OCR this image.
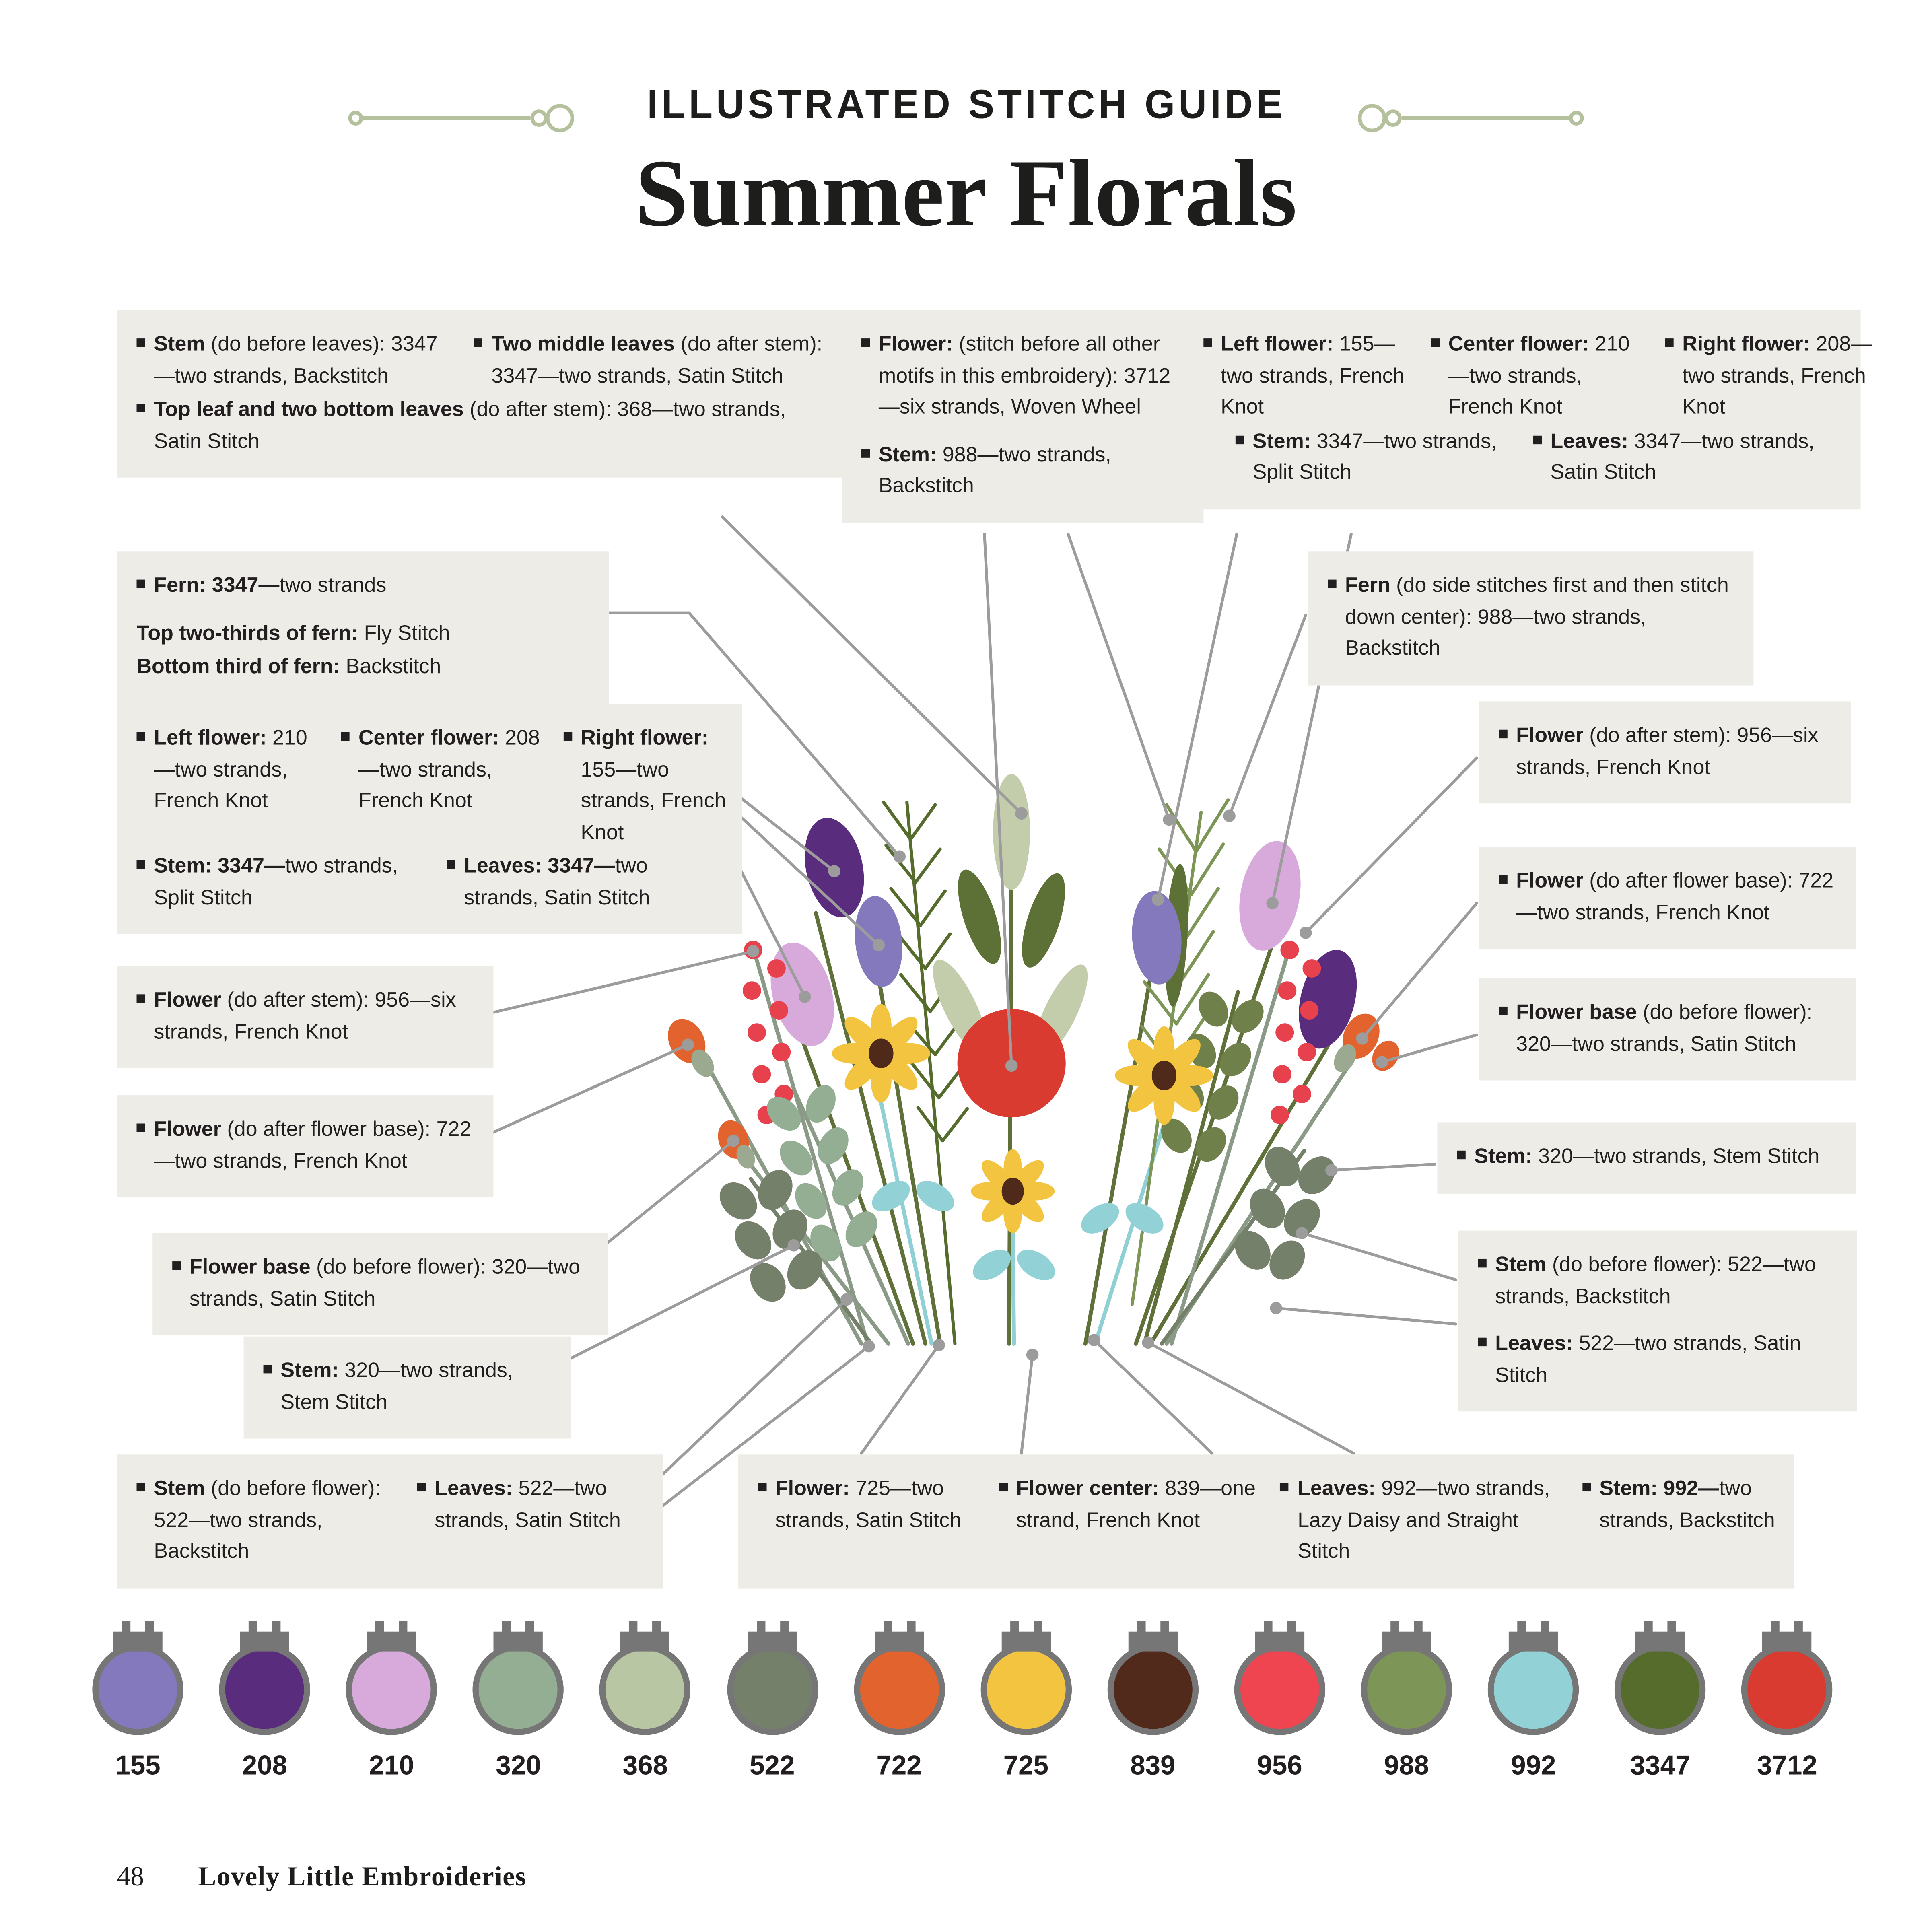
ILLUSTRATED STITCH GUIDE
Summer Florals
Stem (do before leaves): 3347—two strands, Backstitch
Two middle leaves (do after stem): 3347—two strands, Satin Stitch
Top leaf and two bottom leaves (do after stem): 368—two strands, Satin Stitch
Flower: (stitch before all other motifs in this embroidery): 3712—six strands, Woven Wheel
Stem: 988—two strands, Backstitch
Left flower: 155—two strands, French Knot
Center flower: 210—two strands, French Knot
Right flower: 208—two strands, French Knot
Stem: 3347—two strands, Split Stitch
Leaves: 3347—two strands, Satin Stitch
Fern: 3347—two strands
Top two-thirds of fern: Fly Stitch
Bottom third of fern: Backstitch
Left flower: 210—two strands, French Knot
Center flower: 208—two strands, French Knot
Right flower: 155—two strands, French Knot
Stem: 3347—two strands, Split Stitch
Leaves: 3347—two strands, Satin Stitch
Flower (do after stem): 956—six strands, French Knot
Flower (do after flower base): 722—two strands, French Knot
Flower base (do before flower): 320—two strands, Satin Stitch
Stem: 320—two strands, Stem Stitch
Stem (do before flower): 522—two strands, Backstitch
Leaves: 522—two strands, Satin Stitch
Fern (do side stitches first and then stitch down center): 988—two strands, Backstitch
Flower (do after stem): 956—six strands, French Knot
Flower (do after flower base): 722—two strands, French Knot
Flower base (do before flower): 320—two strands, Satin Stitch
Stem: 320—two strands, Stem Stitch
Stem (do before flower): 522—two strands, Backstitch
Leaves: 522—two strands, Satin Stitch
Flower: 725—two strands, Satin Stitch
Flower center: 839—one strand, French Knot
Leaves: 992—two strands, Lazy Daisy and Straight Stitch
Stem: 992—two strands, Backstitch
155	208	210	320	368	522	722	725	839	956	988	992	3347	3712
48	Lovely Little Embroideries
